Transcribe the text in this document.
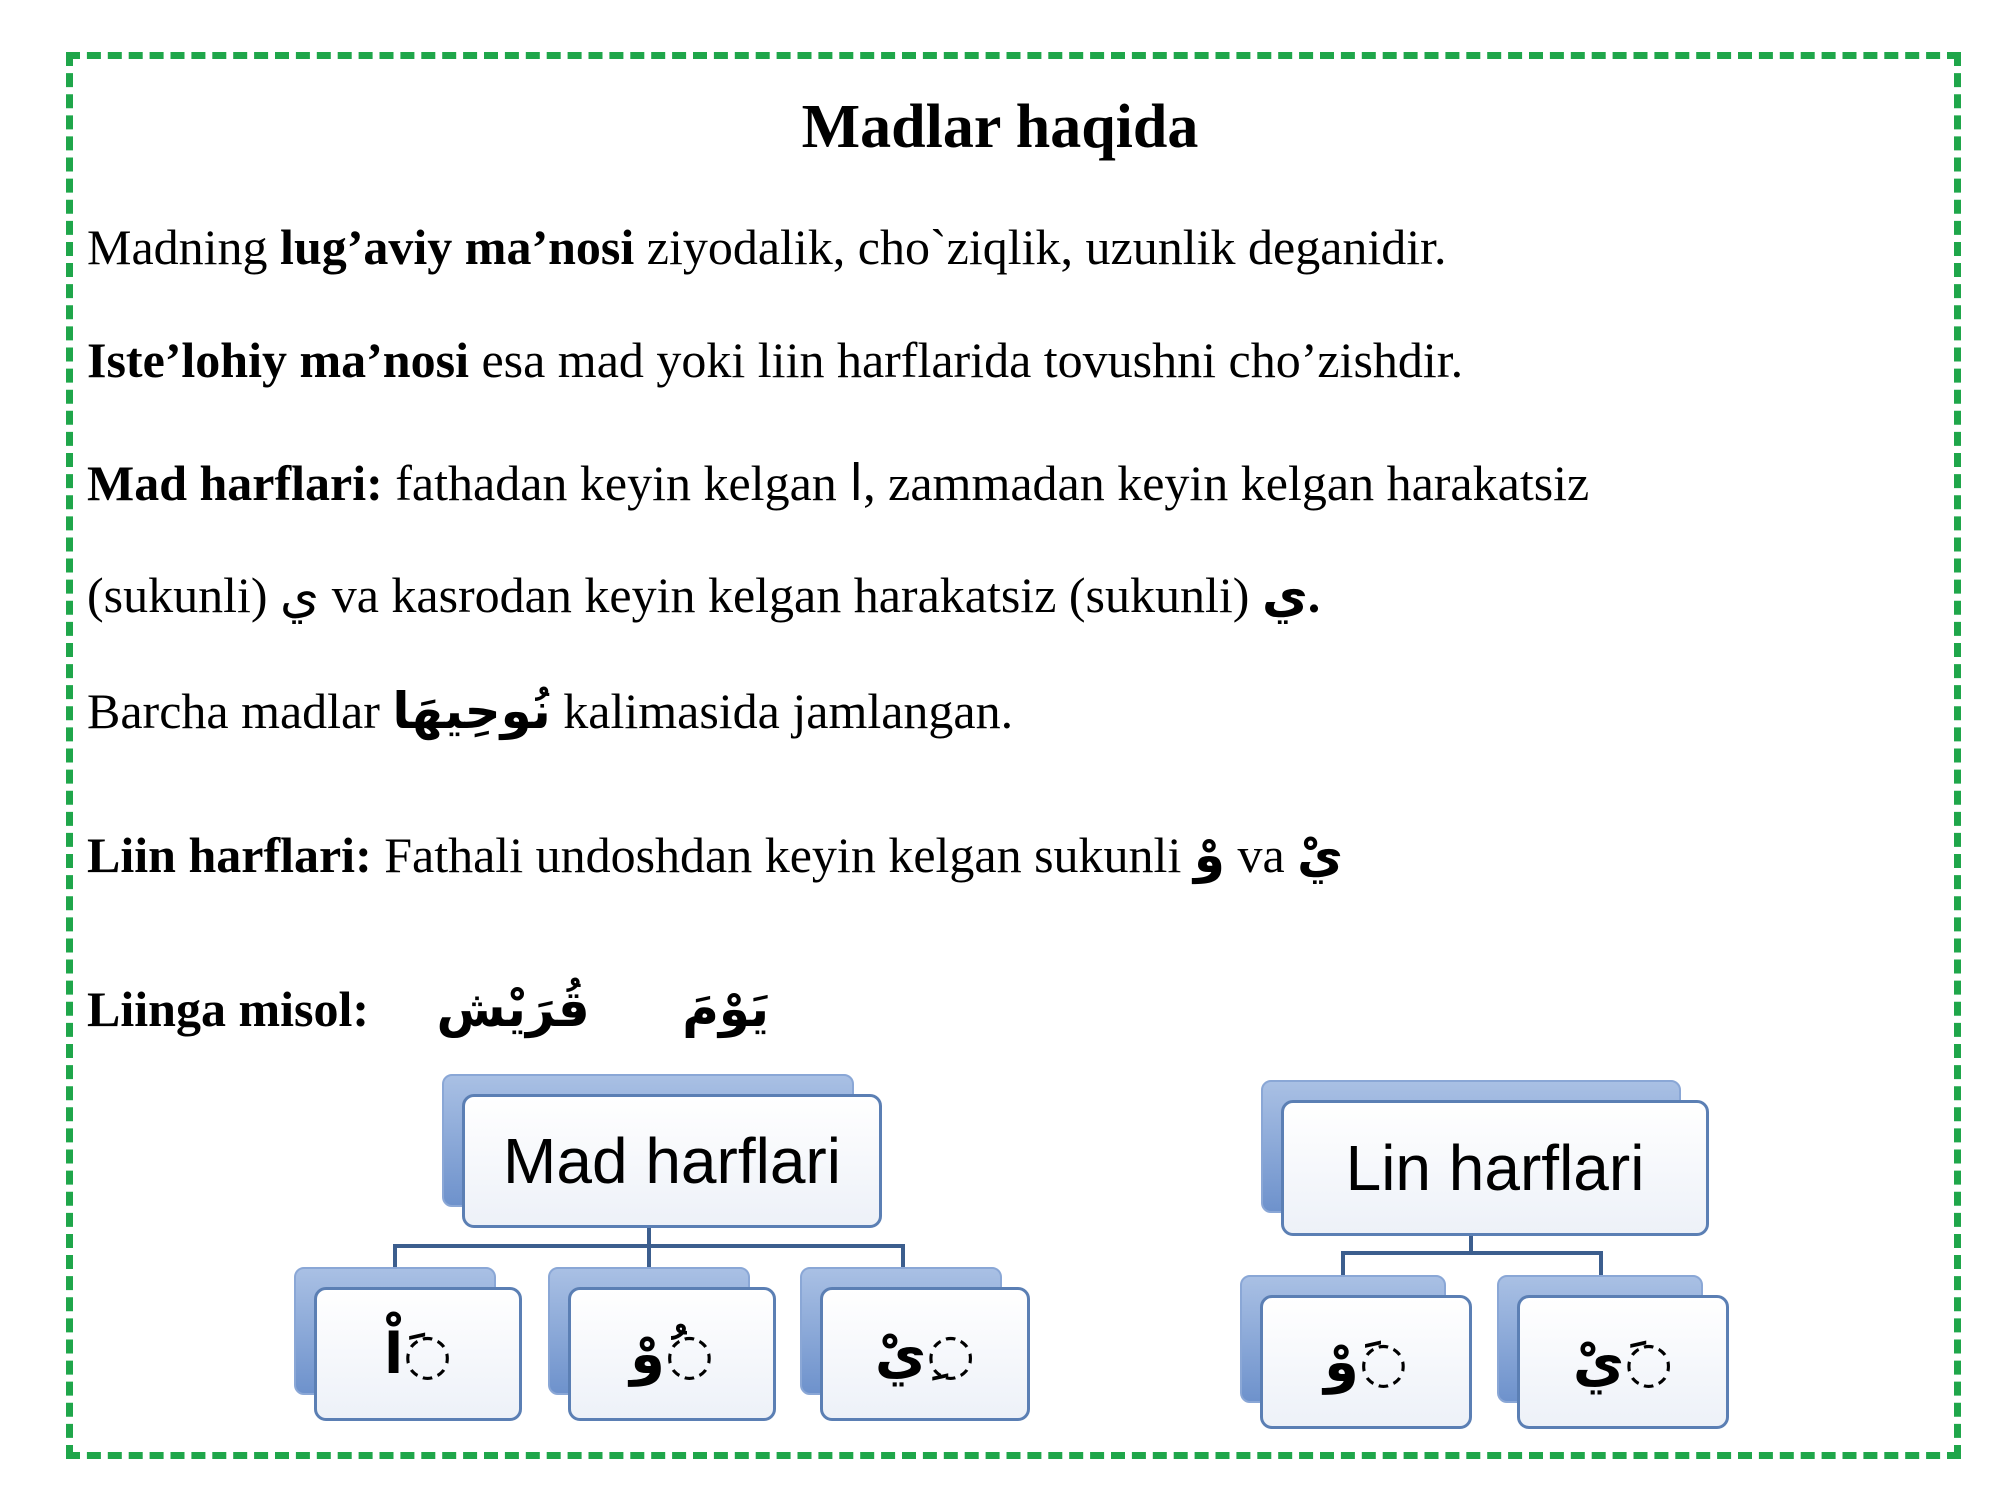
Madlar haqida

Madning lug’aviy ma’nosi ziyodalik, cho`ziqlik, uzunlik deganidir.

Iste’lohiy ma’nosi esa mad yoki liin harflarida tovushni cho’zishdir.

Mad harflari: fathadan keyin kelgan ا, zammadan keyin kelgan harakatsiz

(sukunli) ي va kasrodan keyin kelgan harakatsiz (sukunli) ي.

Barcha madlar نُوحِيهَا kalimasida jamlangan.

Liin harflari: Fathali undoshdan keyin kelgan sukunli وْ va يْ

Liinga misol: قُرَيْش يَوْمَ

Mad harflari
◌َاْ	◌ُوْ	◌ِيْ
Lin harflari
◌َوْ	◌َيْ
